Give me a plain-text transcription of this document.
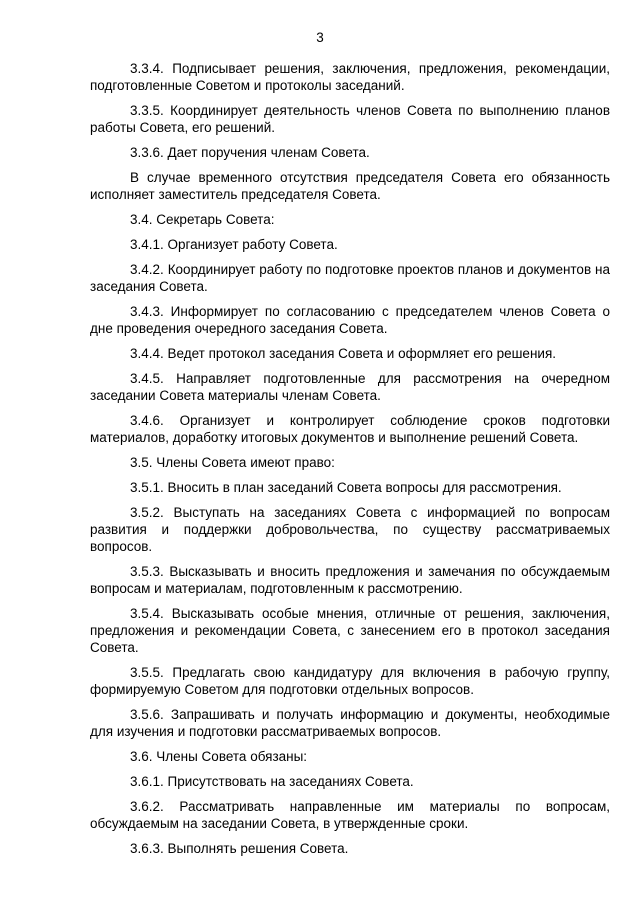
3

3.3.4. Подписывает решения, заключения, предложения, рекомендации, подготовленные Советом и протоколы заседаний.

3.3.5. Координирует деятельность членов Совета по выполнению планов работы Совета, его решений.

3.3.6. Дает поручения членам Совета.

В случае временного отсутствия председателя Совета его обязанность исполняет заместитель председателя Совета.

3.4. Секретарь Совета:

3.4.1. Организует работу Совета.

3.4.2. Координирует работу по подготовке проектов планов и документов на заседания Совета.

3.4.3. Информирует по согласованию с председателем членов Совета о дне проведения очередного заседания Совета.

3.4.4. Ведет протокол заседания Совета и оформляет его решения.

3.4.5. Направляет подготовленные для рассмотрения на очередном заседании Совета материалы членам Совета.

3.4.6. Организует и контролирует соблюдение сроков подготовки материалов, доработку итоговых документов и выполнение решений Совета.

3.5. Члены Совета имеют право:

3.5.1. Вносить в план заседаний Совета вопросы для рассмотрения.

3.5.2. Выступать на заседаниях Совета с информацией по вопросам развития и поддержки добровольчества, по существу рассматриваемых вопросов.

3.5.3. Высказывать и вносить предложения и замечания по обсуждаемым вопросам и материалам, подготовленным к рассмотрению.

3.5.4. Высказывать особые мнения, отличные от решения, заключения, предложения и рекомендации Совета, с занесением его в протокол заседания Совета.

3.5.5. Предлагать свою кандидатуру для включения в рабочую группу, формируемую Советом для подготовки отдельных вопросов.

3.5.6. Запрашивать и получать информацию и документы, необходимые для изучения и подготовки рассматриваемых вопросов.

3.6. Члены Совета обязаны:

3.6.1. Присутствовать на заседаниях Совета.

3.6.2. Рассматривать направленные им материалы по вопросам, обсуждаемым на заседании Совета, в утвержденные сроки.

3.6.3. Выполнять решения Совета.
